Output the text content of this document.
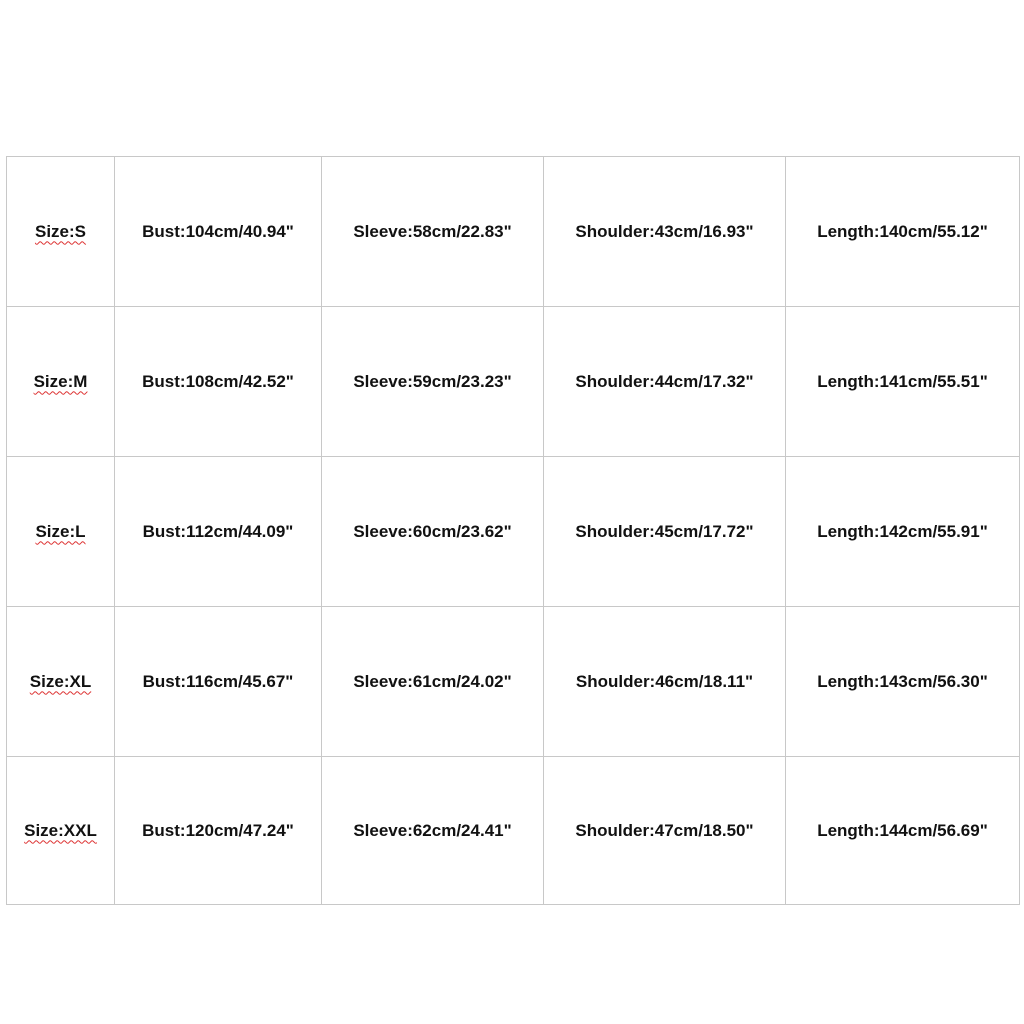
Size:S	Bust:104cm/40.94"	Sleeve:58cm/22.83"	Shoulder:43cm/16.93"	Length:140cm/55.12"
Size:M	Bust:108cm/42.52"	Sleeve:59cm/23.23"	Shoulder:44cm/17.32"	Length:141cm/55.51"
Size:L	Bust:112cm/44.09"	Sleeve:60cm/23.62"	Shoulder:45cm/17.72"	Length:142cm/55.91"
Size:XL	Bust:116cm/45.67"	Sleeve:61cm/24.02"	Shoulder:46cm/18.11"	Length:143cm/56.30"
Size:XXL	Bust:120cm/47.24"	Sleeve:62cm/24.41"	Shoulder:47cm/18.50"	Length:144cm/56.69"
